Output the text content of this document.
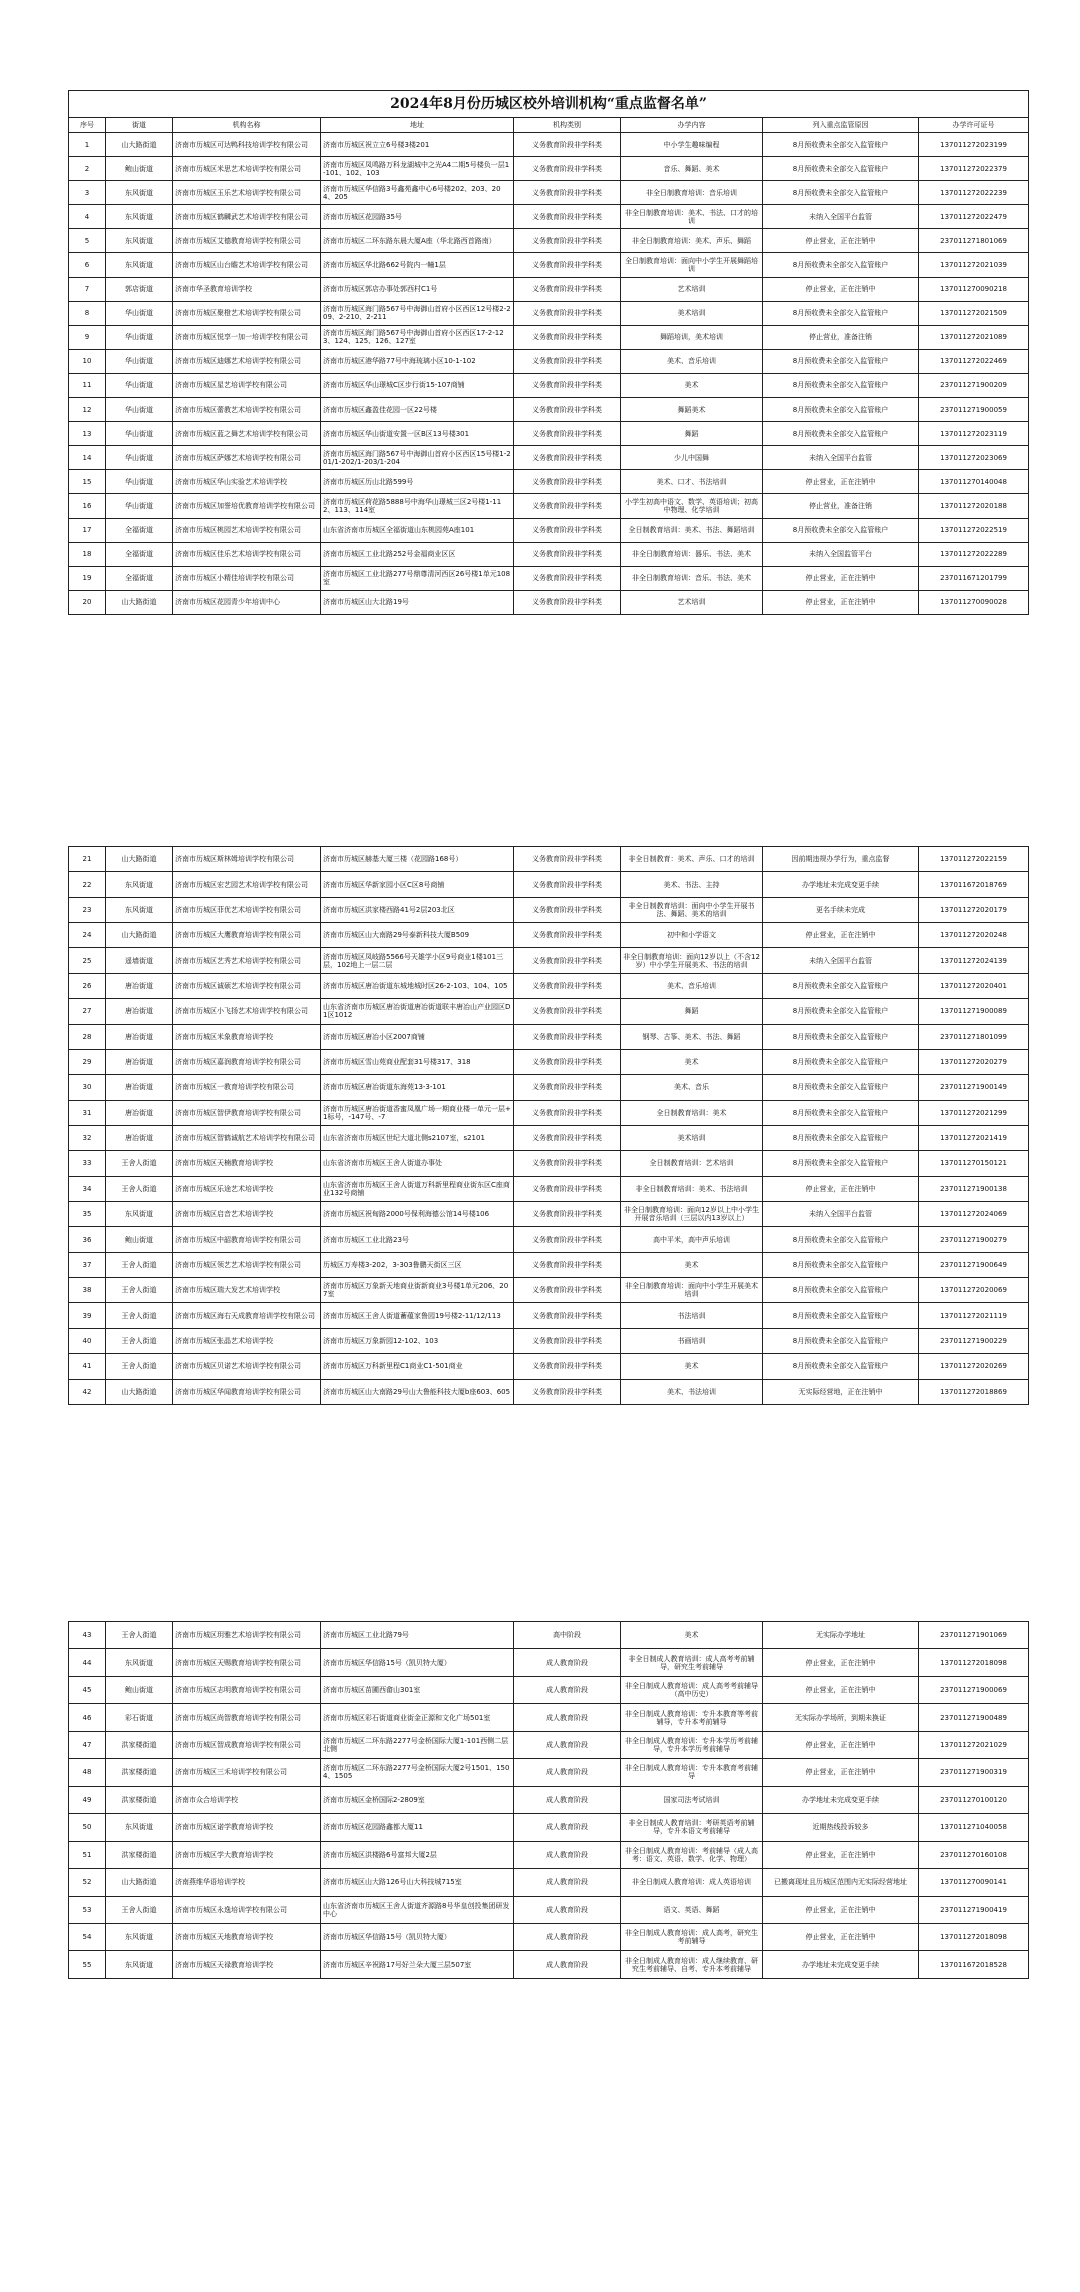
2024年8月份历城区校外培训机构“重点监督名单”							
序号	街道	机构名称	地址	机构类别	办学内容	列入重点监管原因	办学许可证号
1	山大路街道	济南市历城区可达鸭科技培训学校有限公司	济南市历城区祝立立6号楼3楼201	义务教育阶段非学科类	中小学生趣味编程	8月预收费未全部交入监管账户	137011272023199
2	鲍山街道	济南市历城区米思艺术培训学校有限公司	济南市历城区凤鸣路万科龙湖城中之光A4二期5号楼负一层1-101、102、103	义务教育阶段非学科类	音乐、舞蹈、美术	8月预收费未全部交入监管账户	137011272022379
3	东风街道	济南市历城区玉乐艺术培训学校有限公司	济南市历城区华信路3号鑫苑鑫中心6号楼202、203、204、205	义务教育阶段非学科类	非全日制教育培训：音乐培训	8月预收费未全部交入监管账户	137011272022239
4	东风街道	济南市历城区鹤麟武艺术培训学校有限公司	济南市历城区花园路35号	义务教育阶段非学科类	非全日制教育培训：美术、书法、口才的培训	未纳入全国平台监管	137011272022479
5	东风街道	济南市历城区艾德教育培训学校有限公司	济南市历城区二环东路东晨大厦A座（华北路西首路南）	义务教育阶段非学科类	非全日制教育培训：美术、声乐、舞蹈	停止营业，正在注销中	237011271801069
6	东风街道	济南市历城区山台瞻艺术培训学校有限公司	济南市历城区华北路662号院内一幢1层	义务教育阶段非学科类	全日制教育培训：面向中小学生开展舞蹈培训	8月预收费未全部交入监管账户	137011272021039
7	郭店街道	济南市华圣教育培训学校	济南市历城区郭店办事处郭西村C1号	义务教育阶段非学科类	艺术培训	停止营业，正在注销中	137011270090218
8	华山街道	济南市历城区聚橙艺术培训学校有限公司	济南市历城区海门路567号中海御山首府小区西区12号楼2-209、2-210、2-211	义务教育阶段非学科类	美术培训	8月预收费未全部交入监管账户	137011272021509
9	华山街道	济南市历城区悦享一加一培训学校有限公司	济南市历城区海门路567号中海御山首府小区西区17-2-123、124、125、126、127室	义务教育阶段非学科类	舞蹈培训，美术培训	停止营业，准备注销	137011272021089
10	华山街道	济南市历城区迪娜艺术培训学校有限公司	济南市历城区港华路77号中海琉璃小区10-1-102	义务教育阶段非学科类	美术、音乐培训	8月预收费未全部交入监管账户	137011272022469
11	华山街道	济南市历城区星艺培训学校有限公司	济南市历城区华山璟城C区步行街15-107商铺	义务教育阶段非学科类	美术	8月预收费未全部交入监管账户	237011271900209
12	华山街道	济南市历城区蕾教艺术培训学校有限公司	济南市历城区鑫盈佳花园一区22号楼	义务教育阶段非学科类	舞蹈美术	8月预收费未全部交入监管账户	237011271900059
13	华山街道	济南市历城区蓝之舞艺术培训学校有限公司	济南市历城区华山街道安置一区B区13号楼301	义务教育阶段非学科类	舞蹈	8月预收费未全部交入监管账户	137011272023119
14	华山街道	济南市历城区萨娜艺术培训学校有限公司	济南市历城区海门路567号中海御山首府小区西区15号楼1-201/1-202/1-203/1-204	义务教育阶段非学科类	少儿中国舞	未纳入全国平台监管	137011272023069
15	华山街道	济南市历城区华山实验艺术培训学校	济南市历城区历山北路599号	义务教育阶段非学科类	美术、口才、书法培训	停止营业，正在注销中	137011270140048
16	华山街道	济南市历城区加誉培优教育培训学校有限公司	济南市历城区荷花路5888号中海华山璟城三区2号楼1-112、113、114室	义务教育阶段非学科类	小学生初高中语文、数学、英语培训；初高中物理、化学培训	停止营业，准备注销	137011272020188
17	全福街道	济南市历城区桃园艺术培训学校有限公司	山东省济南市历城区全福街道山东桃园苑A座101	义务教育阶段非学科类	全日制教育培训：美术、书法、舞蹈培训	8月预收费未全部交入监管账户	137011272022519
18	全福街道	济南市历城区佳乐艺术培训学校有限公司	济南市历城区工业北路252号金福商业区区	义务教育阶段非学科类	非全日制教育培训：器乐、书法、美术	未纳入全国监管平台	137011272022289
19	全福街道	济南市历城区小精佳培训学校有限公司	济南市历城区工业北路277号鼎尊清河西区26号楼1单元108室	义务教育阶段非学科类	非全日制教育培训：音乐、书法、美术	停止营业，正在注销中	237011671201799
20	山大路街道	济南市历城区花园青少年培训中心	济南市历城区山大北路19号	义务教育阶段非学科类	艺术培训	停止营业，正在注销中	137011270090028
21	山大路街道	济南市历城区斯林姆培训学校有限公司	济南市历城区赫基大厦三楼（花园路168号）	义务教育阶段非学科类	非全日制教育：美术、声乐、口才的培训	因前期违规办学行为，重点监督	137011272022159
22	东风街道	济南市历城区宏艺园艺术培训学校有限公司	济南市历城区华新家园小区C区8号商铺	义务教育阶段非学科类	美术、书法、主持	办学地址未完成变更手续	137011672018769
23	东风街道	济南市历城区菲优艺术培训学校有限公司	济南市历城区洪家楼西路41号2层203北区	义务教育阶段非学科类	非全日制教育培训：面向中小学生开展书法、舞蹈、美术的培训	更名手续未完成	137011272020179
24	山大路街道	济南市历城区大鹰教育培训学校有限公司	济南市历城区山大南路29号泰新科技大厦B509	义务教育阶段非学科类	初中和小学语文	停止营业，正在注销中	137011272020248
25	遥墙街道	济南市历城区艺秀艺术培训学校有限公司	济南市历城区凤岐路5566号天雄学小区9号商业1楼101三层，102地上一层二层	义务教育阶段非学科类	非全日制教育培训：面向12岁以上（不含12岁）中小学生开展美术、书法的培训	未纳入全国平台监管	137011272024139
26	唐冶街道	济南市历城区诚硕艺术培训学校有限公司	济南市历城区唐冶街道东城地城时区26-2-103、104、105	义务教育阶段非学科类	美术、音乐培训	8月预收费未全部交入监管账户	137011272020401
27	唐冶街道	济南市历城区小飞扬艺术培训学校有限公司	山东省济南市历城区唐冶街道唐冶街道联丰唐冶山产业园区D1区1012	义务教育阶段非学科类	舞蹈	8月预收费未全部交入监管账户	137011271900089
28	唐冶街道	济南市历城区米象教育培训学校	济南市历城区唐冶小区2007商铺	义务教育阶段非学科类	钢琴、古筝、美术、书法、舞蹈	8月预收费未全部交入监管账户	237011271801099
29	唐冶街道	济南市历城区嘉润教育培训学校有限公司	济南市历城区雪山苑商业配套31号楼317、318	义务教育阶段非学科类	美术	8月预收费未全部交入监管账户	137011272020279
30	唐冶街道	济南市历城区一教育培训学校有限公司	济南市历城区唐冶街道东海苑13-3-101	义务教育阶段非学科类	美术、音乐	8月预收费未全部交入监管账户	237011271900149
31	唐冶街道	济南市历城区智伊教育培训学校有限公司	济南市历城区唐冶街道香蜜凤凰广场一期商业楼一单元一层+1标号，-147号、-7	义务教育阶段非学科类	全日制教育培训：美术	8月预收费未全部交入监管账户	137011272021299
32	唐冶街道	济南市历城区智鹤诚航艺术培训学校有限公司	山东省济南市历城区世纪大道北侧s2107室，s2101	义务教育阶段非学科类	美术培训	8月预收费未全部交入监管账户	137011272021419
33	王舍人街道	济南市历城区天楠教育培训学校	山东省济南市历城区王舍人街道办事处	义务教育阶段非学科类	全日制教育培训：艺术培训	8月预收费未全部交入监管账户	137011270150121
34	王舍人街道	济南市历城区乐途艺术培训学校	山东省济南市历城区王舍人街道万科新里程商业街东区C座商业132号商铺	义务教育阶段非学科类	非全日制教育培训：美术、书法培训	停止营业，正在注销中	237011271900138
35	东风街道	济南市历城区启音艺术培训学校	济南市历城区祝甸路2000号保利海德公馆14号楼106	义务教育阶段非学科类	非全日制教育培训：面向12岁以上中小学生开展音乐培训（三层以内13岁以上）	未纳入全国平台监管	137011272024069
36	鲍山街道	济南市历城区中韶教育培训学校有限公司	济南市历城区工业北路23号	义务教育阶段非学科类	高中平米，高中声乐培训	8月预收费未全部交入监管账户	237011271900279
37	王舍人街道	济南市历城区领艺艺术培训学校有限公司	历城区万寿楼3-202，3-303鲁鹏天街区三区	义务教育阶段非学科类	美术	8月预收费未全部交入监管账户	237011271900649
38	王舍人街道	济南市历城区瑞大发艺术培训学校	济南市历城区万象新天地商业街新商业3号楼1单元206、207室	义务教育阶段非学科类	非全日制教育培训：面向中小学生开展美术培训	8月预收费未全部交入监管账户	137011272020069
39	王舍人街道	济南市历城区海右天成教育培训学校有限公司	济南市历城区王舍人街道蓄蕴家鲁园19号楼2-11/12/113	义务教育阶段非学科类	书法培训	8月预收费未全部交入监管账户	137011272021119
40	王舍人街道	济南市历城区张晶艺术培训学校	济南市历城区万象新园12-102、103	义务教育阶段非学科类	书画培训	8月预收费未全部交入监管账户	237011271900229
41	王舍人街道	济南市历城区贝诺艺术培训学校有限公司	济南市历城区万科新里程C1商业C1-501商业	义务教育阶段非学科类	美术	8月预收费未全部交入监管账户	137011272020269
42	山大路街道	济南市历城区华闻教育培训学校有限公司	济南市历城区山大南路29号山大鲁能科技大厦b座603、605	义务教育阶段非学科类	美术、书法培训	无实际经营地，正在注销中	137011272018869
43	王舍人街道	济南市历城区玥雅艺术培训学校有限公司	济南市历城区工业北路79号	高中阶段	美术	无实际办学地址	237011271901069
44	东风街道	济南市历城区天赐教育培训学校有限公司	济南市历城区华信路15号（凯贝特大厦）	成人教育阶段	非全日制成人教育培训：成人高考考前辅导，研究生考前辅导	停止营业，正在注销中	137011272018098
45	鲍山街道	济南市历城区志明教育培训学校有限公司	济南市历城区苗圃西畲山301室	成人教育阶段	非全日制成人教育培训：成人高考考前辅导（高中历史）	停止营业，正在注销中	237011271900069
46	彩石街道	济南市历城区尚智教育培训学校有限公司	济南市历城区彩石街道商业街金正源和文化广场501室	成人教育阶段	非全日制成人教育培训：专升本教育等考前辅导，专升本考前辅导	无实际办学场所，到期未换证	237011271900489
47	洪家楼街道	济南市历城区智成教育培训学校有限公司	济南市历城区二环东路2277号金桥国际大厦1-101西侧二层北侧	成人教育阶段	非全日制成人教育培训：专升本学历考前辅导，专升本学历考前辅导	停止营业，正在注销中	137011272021029
48	洪家楼街道	济南市历城区三禾培训学校有限公司	济南市历城区二环东路2277号金桥国际大厦2号1501、1504、1505	成人教育阶段	非全日制成人教育培训：专升本教育考前辅导	停止营业，正在注销中	237011271900319
49	洪家楼街道	济南市众合培训学校	济南市历城区金桥国际2-2809室	成人教育阶段	国家司法考试培训	办学地址未完成变更手续	237011270100120
50	东风街道	济南市历城区诺学教育培训学校	济南市历城区花园路鑫都大厦11	成人教育阶段	非全日制成人教育培训：考研英语考前辅导，专升本语文考前辅导	近期热线投诉较多	137011271040058
51	洪家楼街道	济南市历城区学大教育培训学校	济南市历城区洪楼路6号富邦大厦2层	成人教育阶段	非全日制成人教育培训：考前辅导（成人高考：语文、英语、数学、化学、物理）	停止营业，正在注销中	237011270160108
52	山大路街道	济南燕维华语培训学校	济南市历城区山大路126号山大科技城715室	成人教育阶段	非全日制成人教育培训：成人英语培训	已搬离现址且历城区范围内无实际经营地址	137011270090141
53	王舍人街道	济南市历城区永逸培训学校有限公司	山东省济南市历城区王舍人街道齐源路8号华皇创投集团研发中心	成人教育阶段	语文、英语、舞蹈	停止营业，正在注销中	237011271900419
54	东风街道	济南市历城区天地教育培训学校	济南市历城区华信路15号（凯贝特大厦）	成人教育阶段	非全日制成人教育培训：成人高考，研究生考前辅导	停止营业，正在注销中	137011272018098
55	东风街道	济南市历城区天禄教育培训学校	济南市历城区辛祝路17号好兰朵大厦三层507室	成人教育阶段	非全日制成人教育培训：成人继续教育、研究生考前辅导、自考、专升本考前辅导	办学地址未完成变更手续	137011672018528
